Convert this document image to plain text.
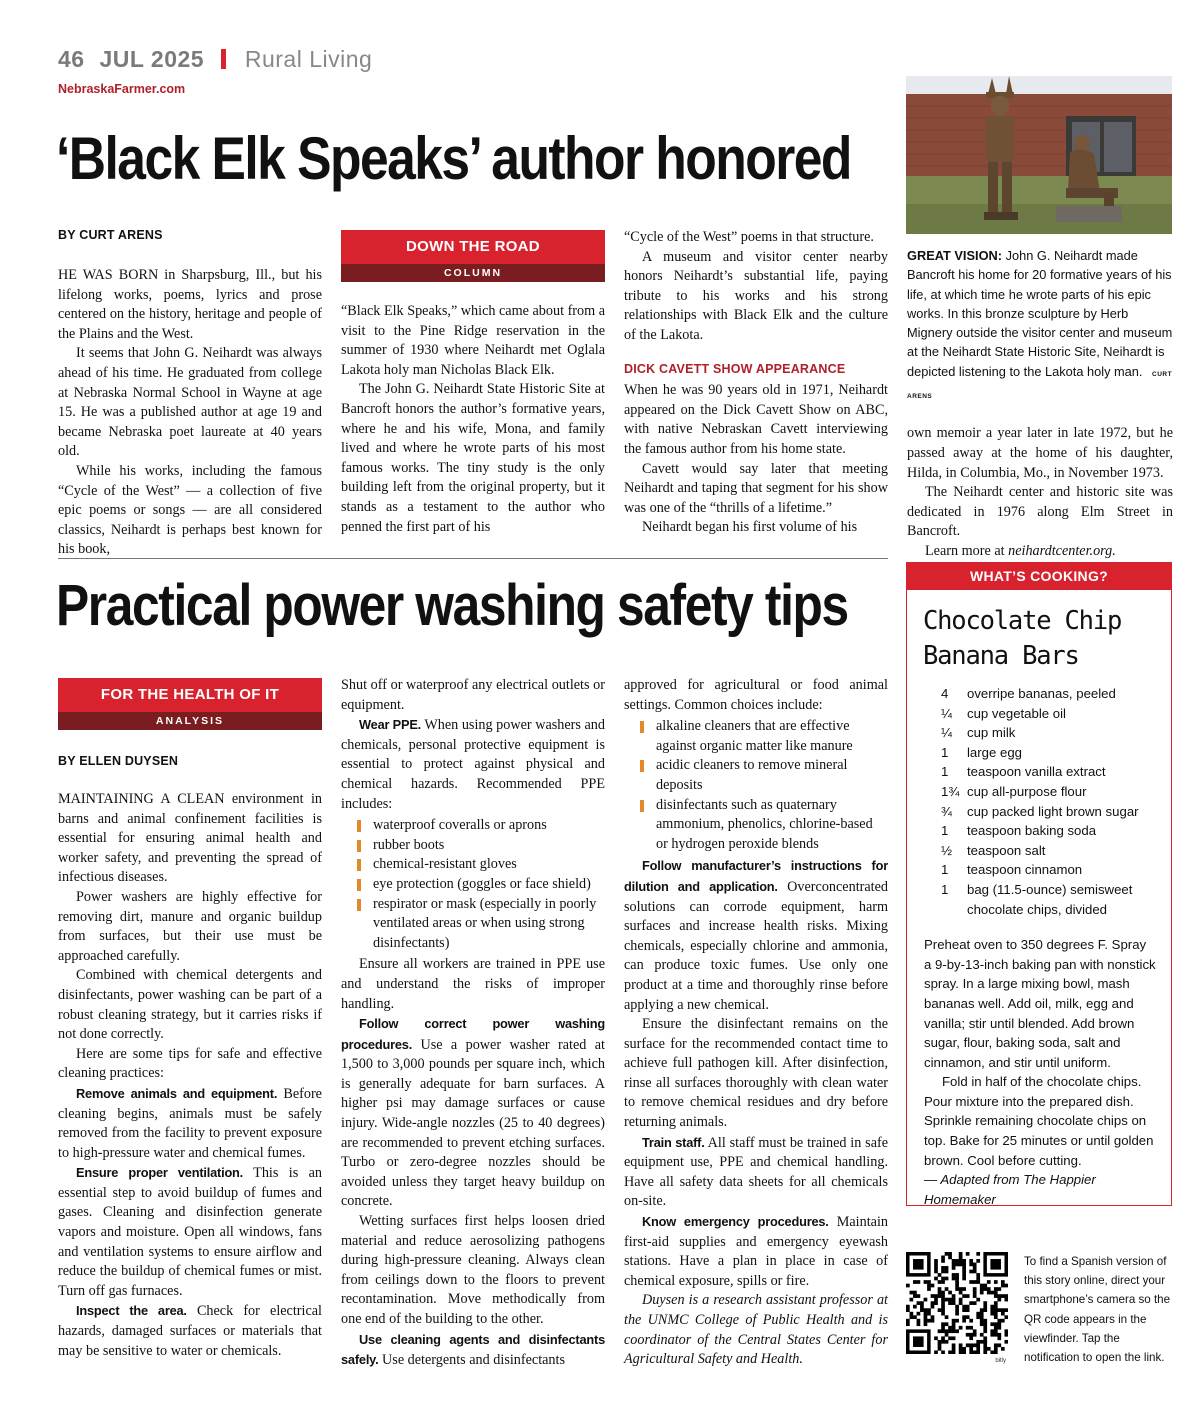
46 JUL 2025 Rural Living
NebraskaFarmer.com
‘Black Elk Speaks’ author honored
BY CURT ARENS

HE WAS BORN in Sharpsburg, Ill., but his lifelong works, poems, lyrics and prose centered on the history, heritage and people of the Plains and the West.

It seems that John G. Neihardt was always ahead of his time. He graduated from college at Nebraska Normal School in Wayne at age 15. He was a published author at age 19 and became Nebraska poet laureate at 40 years old.

While his works, including the famous “Cycle of the West” — a collection of five epic poems or songs — are all considered classics, Neihardt is perhaps best known for his book,

DOWN THE ROAD
COLUMN

“Black Elk Speaks,” which came about from a visit to the Pine Ridge reservation in the summer of 1930 where Neihardt met Oglala Lakota holy man Nicholas Black Elk.

The John G. Neihardt State Historic Site at Bancroft honors the author’s formative years, where he and his wife, Mona, and family lived and where he wrote parts of his most famous works. The tiny study is the only building left from the original property, but it stands as a testament to the author who penned the first part of his

“Cycle of the West” poems in that structure.

A museum and visitor center nearby honors Neihardt’s substantial life, paying tribute to his works and his strong relationships with Black Elk and the culture of the Lakota.

DICK CAVETT SHOW APPEARANCE

When he was 90 years old in 1971, Neihardt appeared on the Dick Cavett Show on ABC, with native Nebraskan Cavett interviewing the famous author from his home state.

Cavett would say later that meeting Neihardt and taping that segment for his show was one of the “thrills of a lifetime.”

Neihardt began his first volume of his

GREAT VISION: John G. Neihardt made Bancroft his home for 20 formative years of his life, at which time he wrote parts of his epic works. In this bronze sculpture by Herb Mignery outside the visitor center and museum at the Neihardt State Historic Site, Neihardt is depicted listening to the Lakota holy man. CURT ARENS

own memoir a year later in late 1972, but he passed away at the home of his daughter, Hilda, in Columbia, Mo., in November 1973.

The Neihardt center and historic site was dedicated in 1976 along Elm Street in Bancroft.

Learn more at neihardtcenter.org.

Practical power washing safety tips
FOR THE HEALTH OF IT
ANALYSIS
BY ELLEN DUYSEN

MAINTAINING A CLEAN environment in barns and animal confinement facilities is essential for ensuring animal health and worker safety, and preventing the spread of infectious diseases.

Power washers are highly effective for removing dirt, manure and organic buildup from surfaces, but their use must be approached carefully.

Combined with chemical detergents and disinfectants, power washing can be part of a robust cleaning strategy, but it carries risks if not done correctly.

Here are some tips for safe and effective cleaning practices:

Remove animals and equipment. Before cleaning begins, animals must be safely removed from the facility to prevent exposure to high-pressure water and chemical fumes.

Ensure proper ventilation. This is an essential step to avoid buildup of fumes and gases. Cleaning and disinfection generate vapors and moisture. Open all windows, fans and ventilation systems to ensure airflow and reduce the buildup of chemical fumes or mist. Turn off gas furnaces.

Inspect the area. Check for electrical hazards, damaged surfaces or materials that may be sensitive to water or chemicals.

Shut off or waterproof any electrical outlets or equipment.

Wear PPE. When using power washers and chemicals, personal protective equipment is essential to protect against physical and chemical hazards. Recommended PPE includes:

waterproof coveralls or aprons
rubber boots
chemical-resistant gloves
eye protection (goggles or face shield)
respirator or mask (especially in poorly ventilated areas or when using strong disinfectants)

Ensure all workers are trained in PPE use and understand the risks of improper handling.

Follow correct power washing procedures. Use a power washer rated at 1,500 to 3,000 pounds per square inch, which is generally adequate for barn surfaces. A higher psi may damage surfaces or cause injury. Wide-angle nozzles (25 to 40 degrees) are recommended to prevent etching surfaces. Turbo or zero-degree nozzles should be avoided unless they target heavy buildup on concrete.

Wetting surfaces first helps loosen dried material and reduce aerosolizing pathogens during high-pressure cleaning. Always clean from ceilings down to the floors to prevent recontamination. Move methodically from one end of the building to the other.

Use cleaning agents and disinfectants safely. Use detergents and disinfectants

approved for agricultural or food animal settings. Common choices include:

alkaline cleaners that are effective against organic matter like manure
acidic cleaners to remove mineral deposits
disinfectants such as quaternary ammonium, phenolics, chlorine-based or hydrogen peroxide blends

Follow manufacturer’s instructions for dilution and application. Overconcentrated solutions can corrode equipment, harm surfaces and increase health risks. Mixing chemicals, especially chlorine and ammonia, can produce toxic fumes. Use only one product at a time and thoroughly rinse before applying a new chemical.

Ensure the disinfectant remains on the surface for the recommended contact time to achieve full pathogen kill. After disinfection, rinse all surfaces thoroughly with clean water to remove chemical residues and dry before returning animals.

Train staff. All staff must be trained in safe equipment use, PPE and chemical handling. Have all safety data sheets for all chemicals on-site.

Know emergency procedures. Maintain first-aid supplies and emergency eyewash stations. Have a plan in place in case of chemical exposure, spills or fire.

Duysen is a research assistant professor at the UNMC College of Public Health and is coordinator of the Central States Center for Agricultural Safety and Health.

WHAT’S COOKING?
Chocolate Chip
Banana Bars
4	overripe bananas, peeled
¼	cup vegetable oil
¼	cup milk
1	large egg
1	teaspoon vanilla extract
1¾ cup all-purpose flour
¾	cup packed light brown sugar
1	teaspoon baking soda
½	teaspoon salt
1	teaspoon cinnamon
1	bag (11.5-ounce) semisweet chocolate chips, divided

Preheat oven to 350 degrees F. Spray a 9-by-13-inch baking pan with nonstick spray. In a large mixing bowl, mash bananas well. Add oil, milk, egg and vanilla; stir until blended. Add brown sugar, flour, baking soda, salt and cinnamon, and stir until uniform.

Fold in half of the chocolate chips. Pour mixture into the prepared dish. Sprinkle remaining chocolate chips on top. Bake for 25 minutes or until golden brown. Cool before cutting.

— Adapted from The Happier Homemaker

bitly
To find a Spanish version of this story online, direct your smartphone’s camera so the QR code appears in the viewfinder. Tap the notification to open the link.
